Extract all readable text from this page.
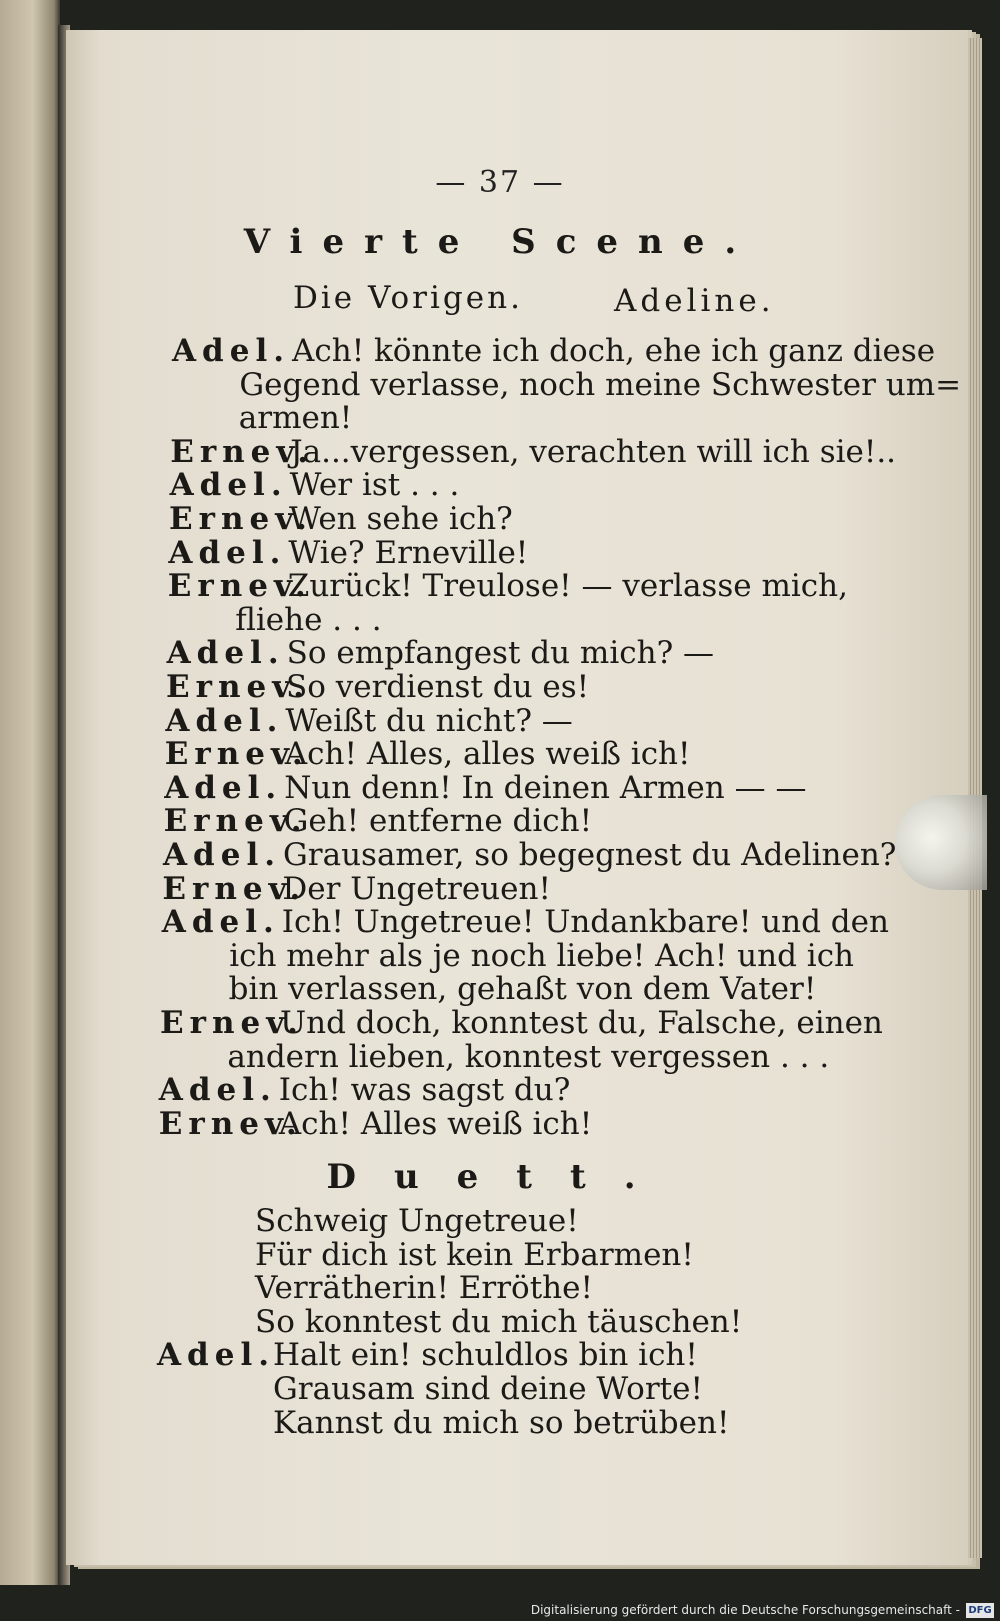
— 37 —
Vierte Scene.
Die Vorigen.	Adeline.
Adel. Ach! könnte ich doch, ehe ich ganz diese
Gegend verlasse, noch meine Schwester um=
armen!
Ernev.
Ja...vergessen, verachten will ich sie!..
Adel. Wer ist . . .
Ernev.
Wen sehe ich?
Adel. Wie? Erneville!
Ernev.
Zurück! Treulose! — verlasse mich,
fliehe . . .
Adel. So empfangest du mich? —
Ernev.
So verdienst du es!
Adel. Weißt du nicht? —
Ernev.
Ach! Alles, alles weiß ich!
Adel. Nun denn! In deinen Armen — —
Ernev.
Geh! entferne dich!
Adel. Grausamer, so begegnest du Adelinen?
Ernev.
Der Ungetreuen!
Adel. Ich! Ungetreue! Undankbare! und den
ich mehr als je noch liebe! Ach! und ich
bin verlassen, gehaßt von dem Vater!
Ernev.
Und doch, konntest du, Falsche, einen
andern lieben, konntest vergessen . . .
Adel. Ich! was sagst du?
Ernev.
Ach! Alles weiß ich!
Duett.
Schweig Ungetreue!
Für dich ist kein Erbarmen!
Verrätherin! Erröthe!
So konntest du mich täuschen!
Adel.
Halt ein! schuldlos bin ich!
Grausam sind deine Worte!
Kannst du mich so betrüben!
Digitalisierung gefördert durch die Deutsche Forschungsgemeinschaft - DFG
